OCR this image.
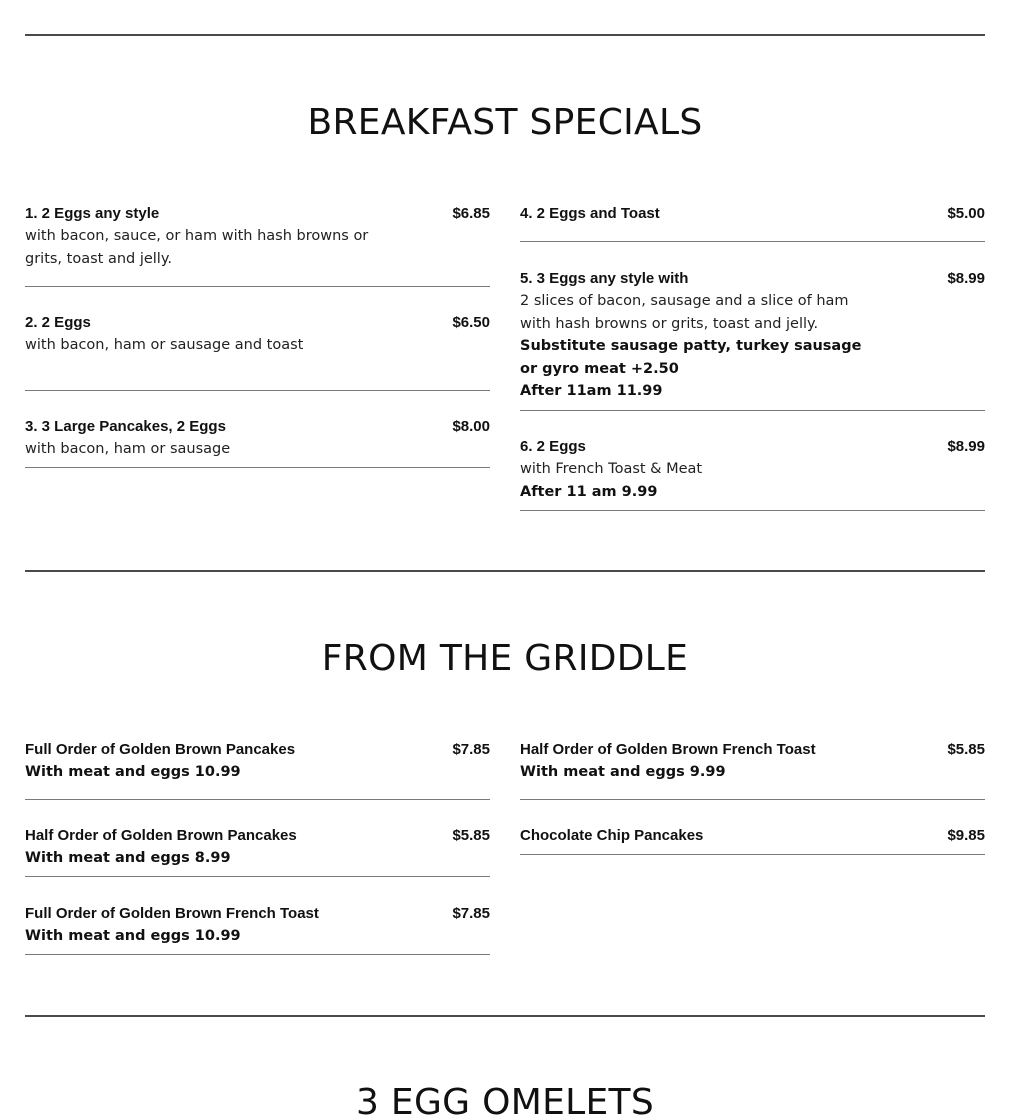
BREAKFAST SPECIALS
1. 2 Eggs any style	$6.85
with bacon, sauce, or ham with hash browns or grits, toast and jelly.
2. 2 Eggs	$6.50
with bacon, ham or sausage and toast
3. 3 Large Pancakes, 2 Eggs	$8.00
with bacon, ham or sausage
4. 2 Eggs and Toast	$5.00
5. 3 Eggs any style with	$8.99
2 slices of bacon, sausage and a slice of ham with hash browns or grits, toast and jelly.
Substitute sausage patty, turkey sausage or gyro meat +2.50
After 11am 11.99
6. 2 Eggs	$8.99
with French Toast & Meat
After 11 am 9.99
FROM THE GRIDDLE
Full Order of Golden Brown Pancakes	$7.85
With meat and eggs 10.99
Half Order of Golden Brown Pancakes	$5.85
With meat and eggs 8.99
Full Order of Golden Brown French Toast	$7.85
With meat and eggs 10.99
Half Order of Golden Brown French Toast	$5.85
With meat and eggs 9.99
Chocolate Chip Pancakes	$9.85
3 EGG OMELETS
